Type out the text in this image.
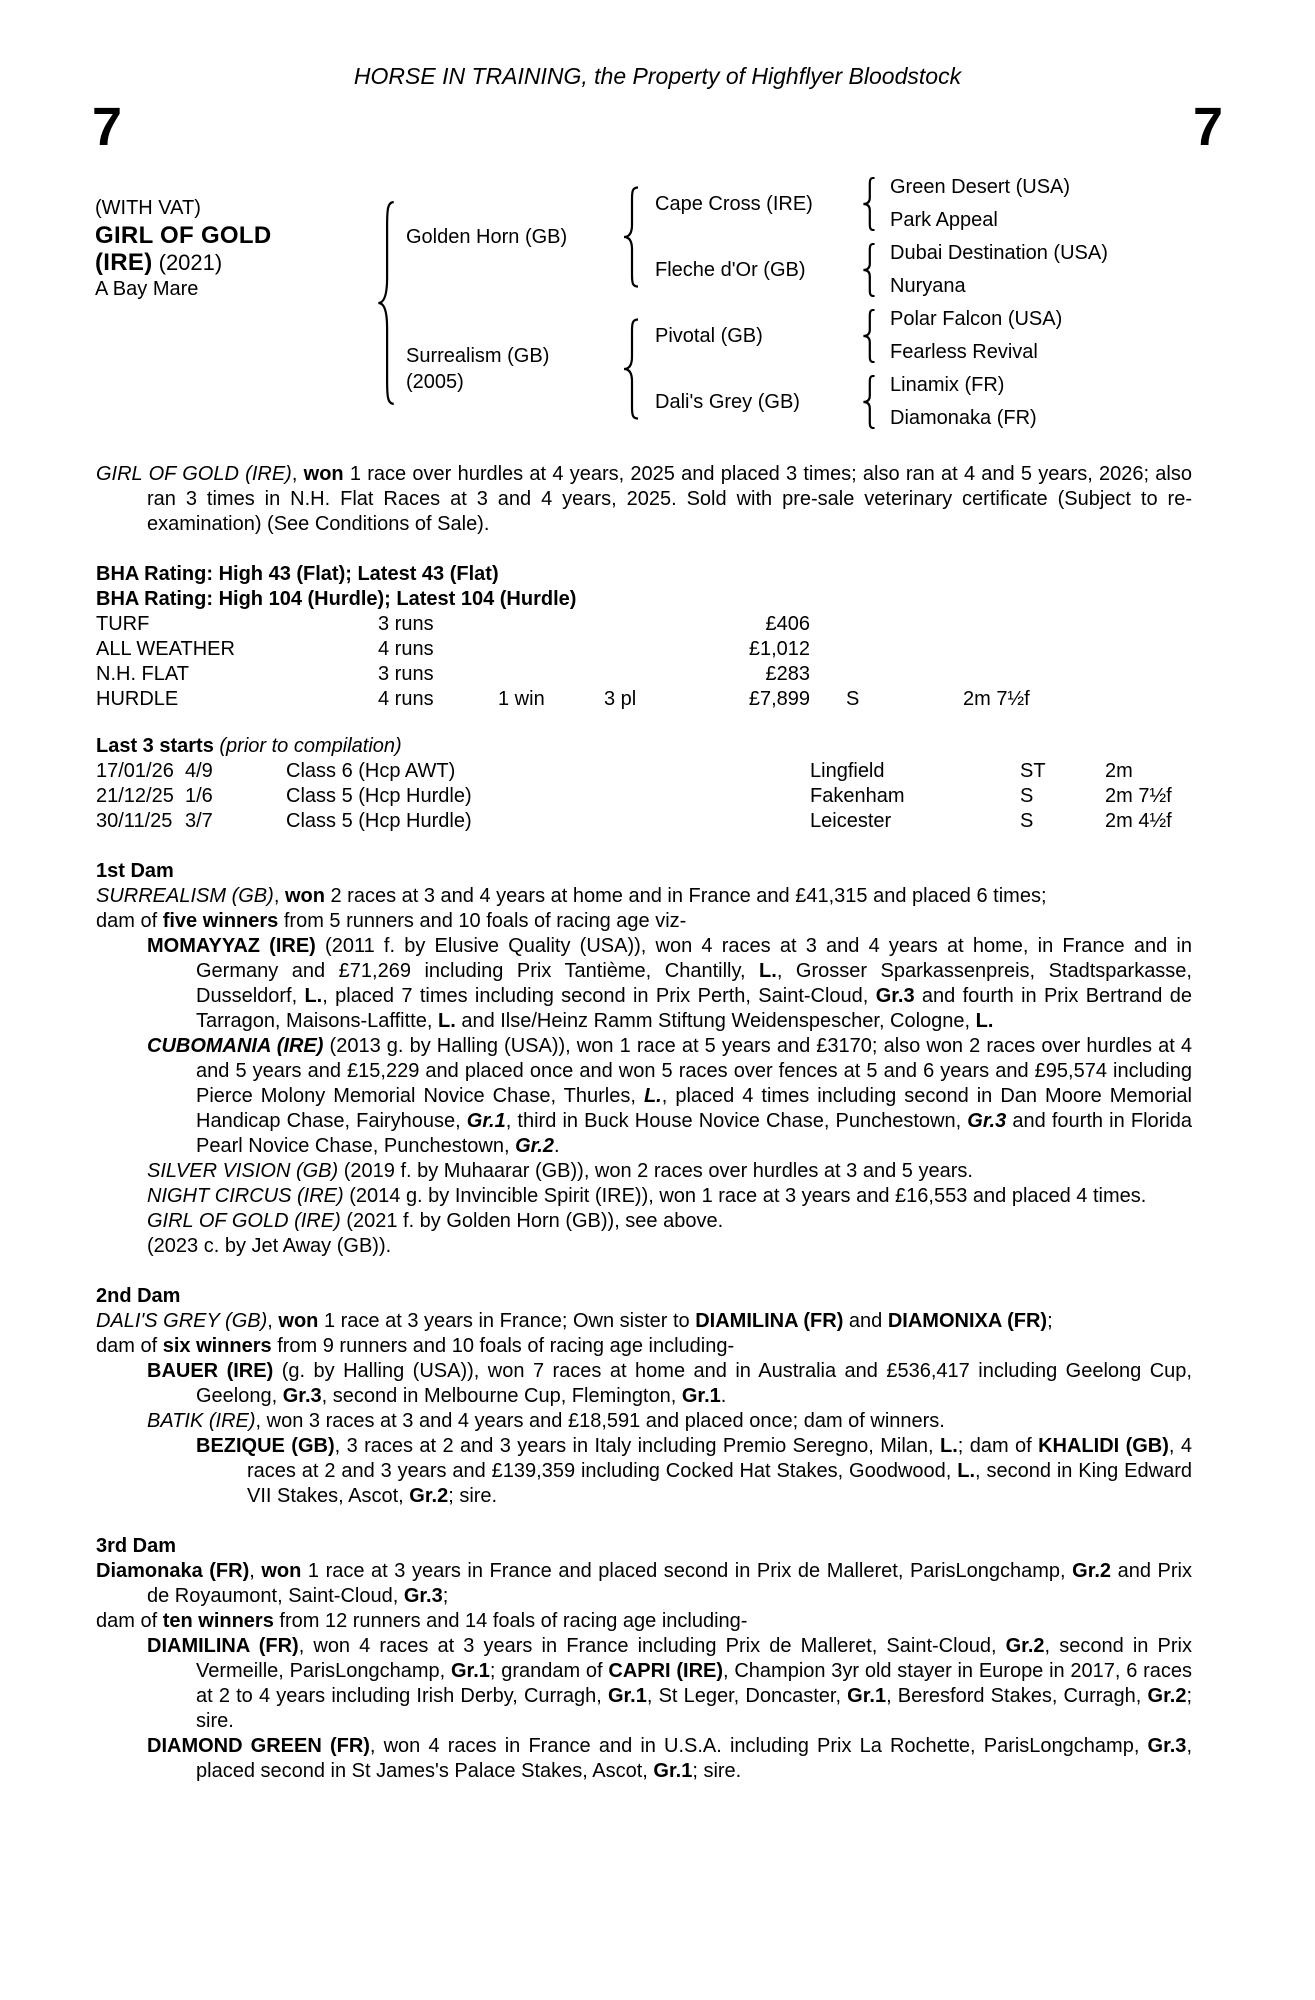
HORSE IN TRAINING, the Property of Highflyer Bloodstock
7	7
(WITH VAT)
GIRL OF GOLD
(IRE) (2021)
A Bay Mare
Golden Horn (GB)
Cape Cross (IRE)
Green Desert (USA)
Park Appeal
Fleche d'Or (GB)
Dubai Destination (USA)
Nuryana
Surrealism (GB)
(2005)
Pivotal (GB)
Polar Falcon (USA)
Fearless Revival
Dali's Grey (GB)
Linamix (FR)
Diamonaka (FR)

GIRL OF GOLD (IRE), won 1 race over hurdles at 4 years, 2025 and placed 3 times; also ran at 4 and 5 years, 2026; also ran 3 times in N.H. Flat Races at 3 and 4 years, 2025. Sold with pre-sale veterinary certificate (Subject to re-examination) (See Conditions of Sale).

BHA Rating: High 43 (Flat); Latest 43 (Flat)
BHA Rating: High 104 (Hurdle); Latest 104 (Hurdle)
TURF	3 runs	£406
ALL WEATHER	4 runs	£1,012
N.H. FLAT	3 runs	£283
HURDLE	4 runs	1 win	3 pl	£7,899 S	2m 7½f
Last 3 starts (prior to compilation)
17/01/26 4/9	Class 6 (Hcp AWT)	Lingfield	ST	2m
21/12/25 1/6	Class 5 (Hcp Hurdle)	Fakenham	S	2m 7½f
30/11/25 3/7	Class 5 (Hcp Hurdle)	Leicester	S	2m 4½f
1st Dam

SURREALISM (GB), won 2 races at 3 and 4 years at home and in France and £41,315 and placed 6 times;

dam of five winners from 5 runners and 10 foals of racing age viz-

MOMAYYAZ (IRE) (2011 f. by Elusive Quality (USA)), won 4 races at 3 and 4 years at home, in France and in Germany and £71,269 including Prix Tantième, Chantilly, L., Grosser Sparkassenpreis, Stadtsparkasse, Dusseldorf, L., placed 7 times including second in Prix Perth, Saint-Cloud, Gr.3 and fourth in Prix Bertrand de Tarragon, Maisons-Laffitte, L. and Ilse/Heinz Ramm Stiftung Weidenspescher, Cologne, L.

CUBOMANIA (IRE) (2013 g. by Halling (USA)), won 1 race at 5 years and £3170; also won 2 races over hurdles at 4 and 5 years and £15,229 and placed once and won 5 races over fences at 5 and 6 years and £95,574 including Pierce Molony Memorial Novice Chase, Thurles, L., placed 4 times including second in Dan Moore Memorial Handicap Chase, Fairyhouse, Gr.1, third in Buck House Novice Chase, Punchestown, Gr.3 and fourth in Florida Pearl Novice Chase, Punchestown, Gr.2.

SILVER VISION (GB) (2019 f. by Muhaarar (GB)), won 2 races over hurdles at 3 and 5 years.

NIGHT CIRCUS (IRE) (2014 g. by Invincible Spirit (IRE)), won 1 race at 3 years and £16,553 and placed 4 times.

GIRL OF GOLD (IRE) (2021 f. by Golden Horn (GB)), see above.

(2023 c. by Jet Away (GB)).

2nd Dam

DALI'S GREY (GB), won 1 race at 3 years in France; Own sister to DIAMILINA (FR) and DIAMONIXA (FR);

dam of six winners from 9 runners and 10 foals of racing age including-

BAUER (IRE) (g. by Halling (USA)), won 7 races at home and in Australia and £536,417 including Geelong Cup, Geelong, Gr.3, second in Melbourne Cup, Flemington, Gr.1.

BATIK (IRE), won 3 races at 3 and 4 years and £18,591 and placed once; dam of winners.

BEZIQUE (GB), 3 races at 2 and 3 years in Italy including Premio Seregno, Milan, L.; dam of KHALIDI (GB), 4 races at 2 and 3 years and £139,359 including Cocked Hat Stakes, Goodwood, L., second in King Edward VII Stakes, Ascot, Gr.2; sire.

3rd Dam

Diamonaka (FR), won 1 race at 3 years in France and placed second in Prix de Malleret, ParisLongchamp, Gr.2 and Prix de Royaumont, Saint-Cloud, Gr.3;

dam of ten winners from 12 runners and 14 foals of racing age including-

DIAMILINA (FR), won 4 races at 3 years in France including Prix de Malleret, Saint-Cloud, Gr.2, second in Prix Vermeille, ParisLongchamp, Gr.1; grandam of CAPRI (IRE), Champion 3yr old stayer in Europe in 2017, 6 races at 2 to 4 years including Irish Derby, Curragh, Gr.1, St Leger, Doncaster, Gr.1, Beresford Stakes, Curragh, Gr.2; sire.

DIAMOND GREEN (FR), won 4 races in France and in U.S.A. including Prix La Rochette, ParisLongchamp, Gr.3, placed second in St James's Palace Stakes, Ascot, Gr.1; sire.
